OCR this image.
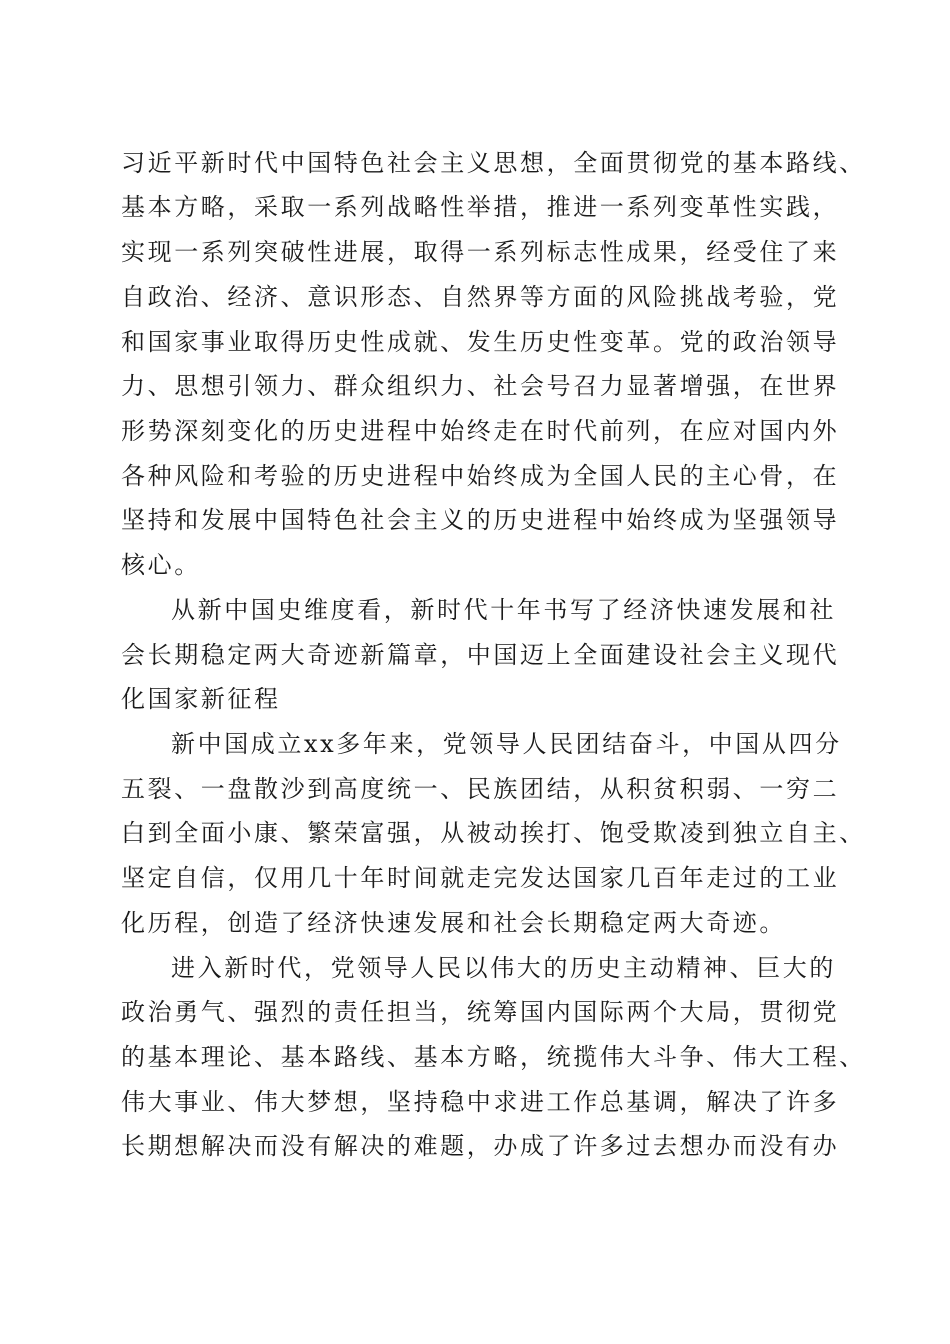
习近平新时代中国特色社会主义思想，全面贯彻党的基本路线、
基本方略，采取一系列战略性举措，推进一系列变革性实践，
实现一系列突破性进展，取得一系列标志性成果，经受住了来
自政治、经济、意识形态、自然界等方面的风险挑战考验，党
和国家事业取得历史性成就、发生历史性变革。党的政治领导
力、思想引领力、群众组织力、社会号召力显著增强，在世界
形势深刻变化的历史进程中始终走在时代前列，在应对国内外
各种风险和考验的历史进程中始终成为全国人民的主心骨，在
坚持和发展中国特色社会主义的历史进程中始终成为坚强领导
核心。
从新中国史维度看，新时代十年书写了经济快速发展和社
会长期稳定两大奇迹新篇章，中国迈上全面建设社会主义现代
化国家新征程
新中国成立xx多年来，党领导人民团结奋斗，中国从四分
五裂、一盘散沙到高度统一、民族团结，从积贫积弱、一穷二
白到全面小康、繁荣富强，从被动挨打、饱受欺凌到独立自主、
坚定自信，仅用几十年时间就走完发达国家几百年走过的工业
化历程，创造了经济快速发展和社会长期稳定两大奇迹。
进入新时代，党领导人民以伟大的历史主动精神、巨大的
政治勇气、强烈的责任担当，统筹国内国际两个大局，贯彻党
的基本理论、基本路线、基本方略，统揽伟大斗争、伟大工程、
伟大事业、伟大梦想，坚持稳中求进工作总基调，解决了许多
长期想解决而没有解决的难题，办成了许多过去想办而没有办
